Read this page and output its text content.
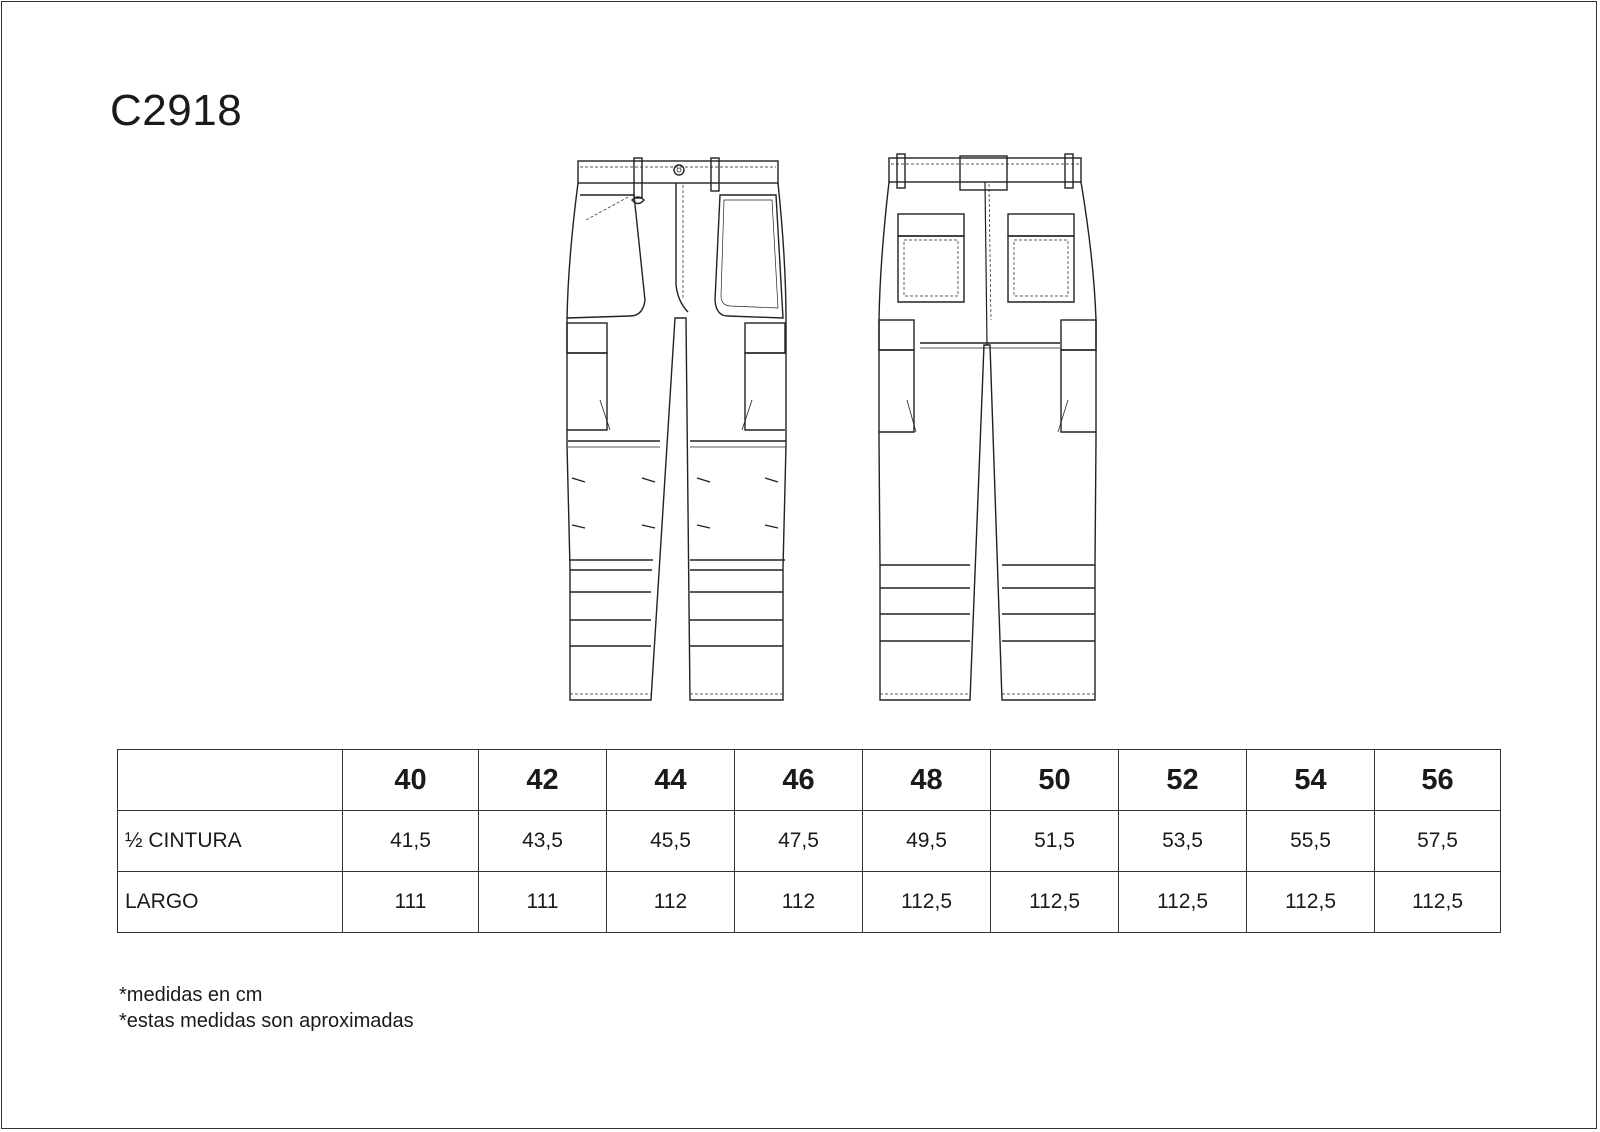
C2918
	40	42	44	46	48	50	52	54	56
½ CINTURA	41,5	43,5	45,5	47,5	49,5	51,5	53,5	55,5	57,5
LARGO	111	111	112	112	112,5	112,5	112,5	112,5	112,5
*medidas en cm
*estas medidas son aproximadas
